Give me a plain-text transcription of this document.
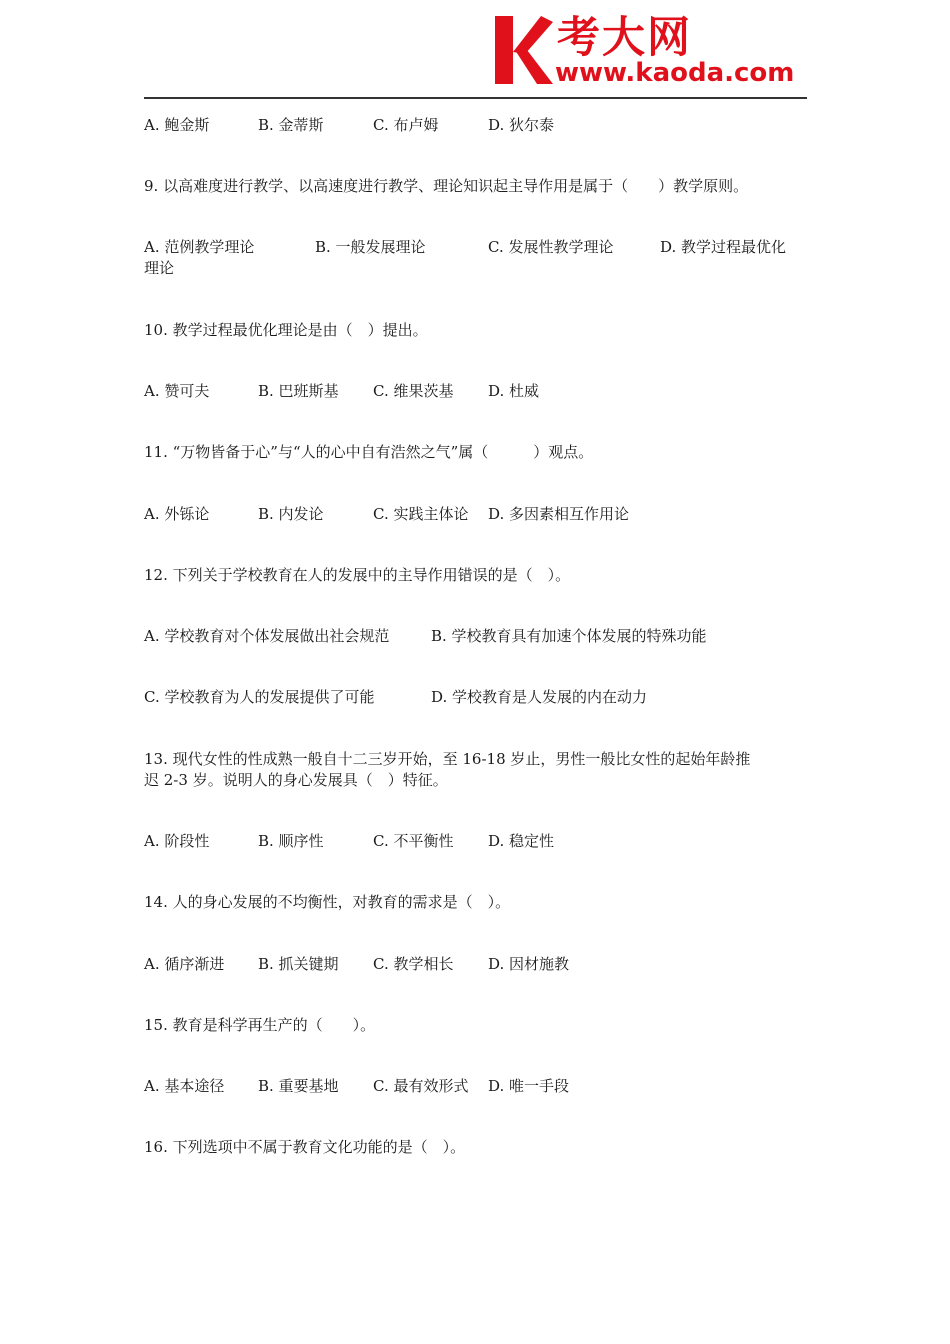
考大网
www.kaoda.com
A. 鲍金斯	B. 金蒂斯	C. 布卢姆	D. 狄尔泰
9. 以高难度进行教学、以高速度进行教学、理论知识起主导作用是属于（　　）教学原则。
A. 范例教学理论	B. 一般发展理论	C. 发展性教学理论	D. 教学过程最优化
理论
10. 教学过程最优化理论是由（　）提出。
A. 赞可夫	B. 巴班斯基 C. 维果茨基 D. 杜威
11. “万物皆备于心”与“人的心中自有浩然之气”属（　　　）观点。
A. 外铄论	B. 内发论	C. 实践主体论 D. 多因素相互作用论
12. 下列关于学校教育在人的发展中的主导作用错误的是（　）。
A. 学校教育对个体发展做出社会规范	B. 学校教育具有加速个体发展的特殊功能
C. 学校教育为人的发展提供了可能	D. 学校教育是人发展的内在动力
13. 现代女性的性成熟一般自十二三岁开始，至 16-18 岁止，男性一般比女性的起始年龄推
迟 2-3 岁。说明人的身心发展具（　）特征。
A. 阶段性	B. 顺序性	C. 不平衡性 D. 稳定性
14. 人的身心发展的不均衡性，对教育的需求是（　）。
A. 循序渐进 B. 抓关键期 C. 教学相长 D. 因材施教
15. 教育是科学再生产的（　　）。
A. 基本途径 B. 重要基地 C. 最有效形式 D. 唯一手段
16. 下列选项中不属于教育文化功能的是（　）。
